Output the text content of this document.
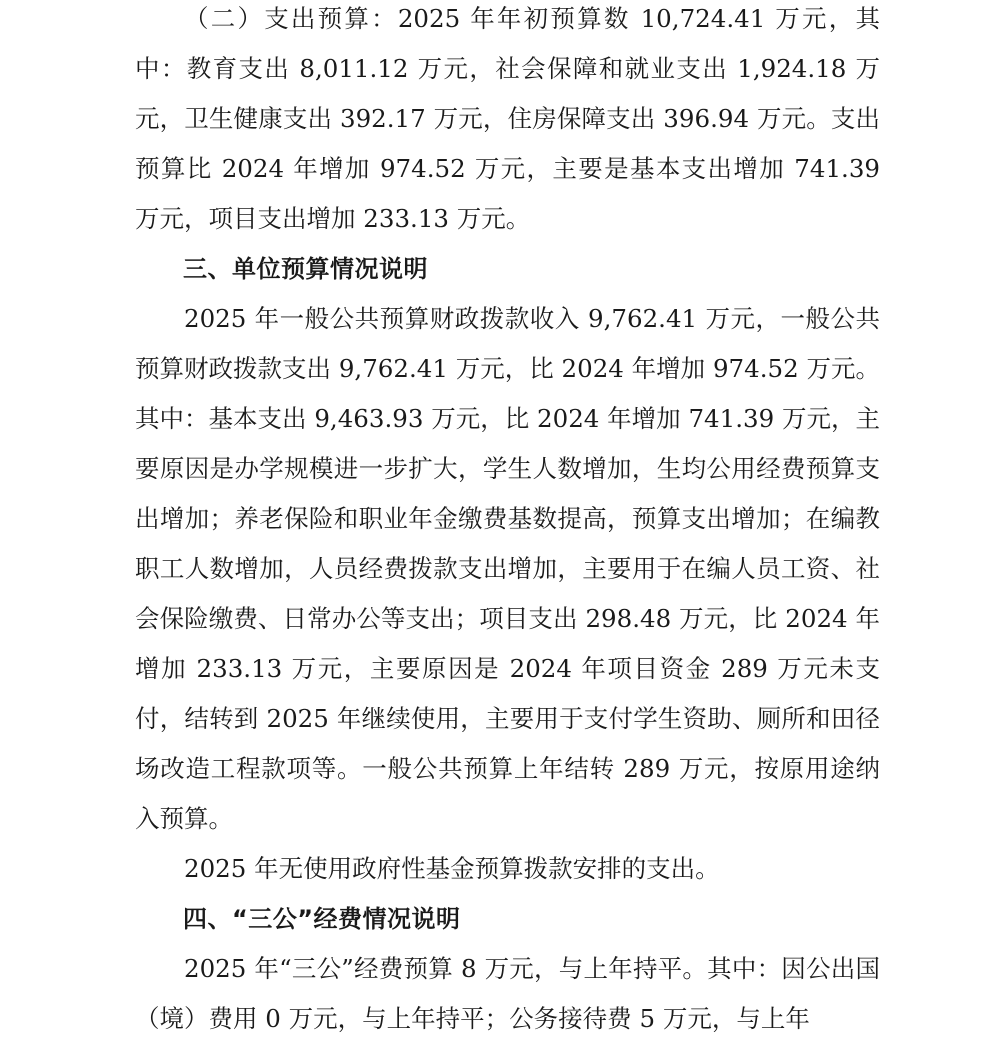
（二）支出预算：2025 年年初预算数 10,724.41 万元，其中：教育支出 8,011.12 万元，社会保障和就业支出 1,924.18 万元，卫生健康支出 392.17 万元，住房保障支出 396.94 万元。支出预算比 2024 年增加 974.52 万元，主要是基本支出增加 741.39 万元，项目支出增加 233.13 万元。

三、单位预算情况说明

2025 年一般公共预算财政拨款收入 9,762.41 万元，一般公共预算财政拨款支出 9,762.41 万元，比 2024 年增加 974.52 万元。其中：基本支出 9,463.93 万元，比 2024 年增加 741.39 万元，主要原因是办学规模进一步扩大，学生人数增加，生均公用经费预算支出增加；养老保险和职业年金缴费基数提高，预算支出增加；在编教职工人数增加，人员经费拨款支出增加，主要用于在编人员工资、社会保险缴费、日常办公等支出；项目支出 298.48 万元，比 2024 年增加 233.13 万元，主要原因是 2024 年项目资金 289 万元未支付，结转到 2025 年继续使用，主要用于支付学生资助、厕所和田径场改造工程款项等。一般公共预算上年结转 289 万元，按原用途纳入预算。

2025 年无使用政府性基金预算拨款安排的支出。

四、“三公”经费情况说明

2025 年“三公”经费预算 8 万元，与上年持平。其中：因公出国（境）费用 0 万元，与上年持平；公务接待费 5 万元，与上年
